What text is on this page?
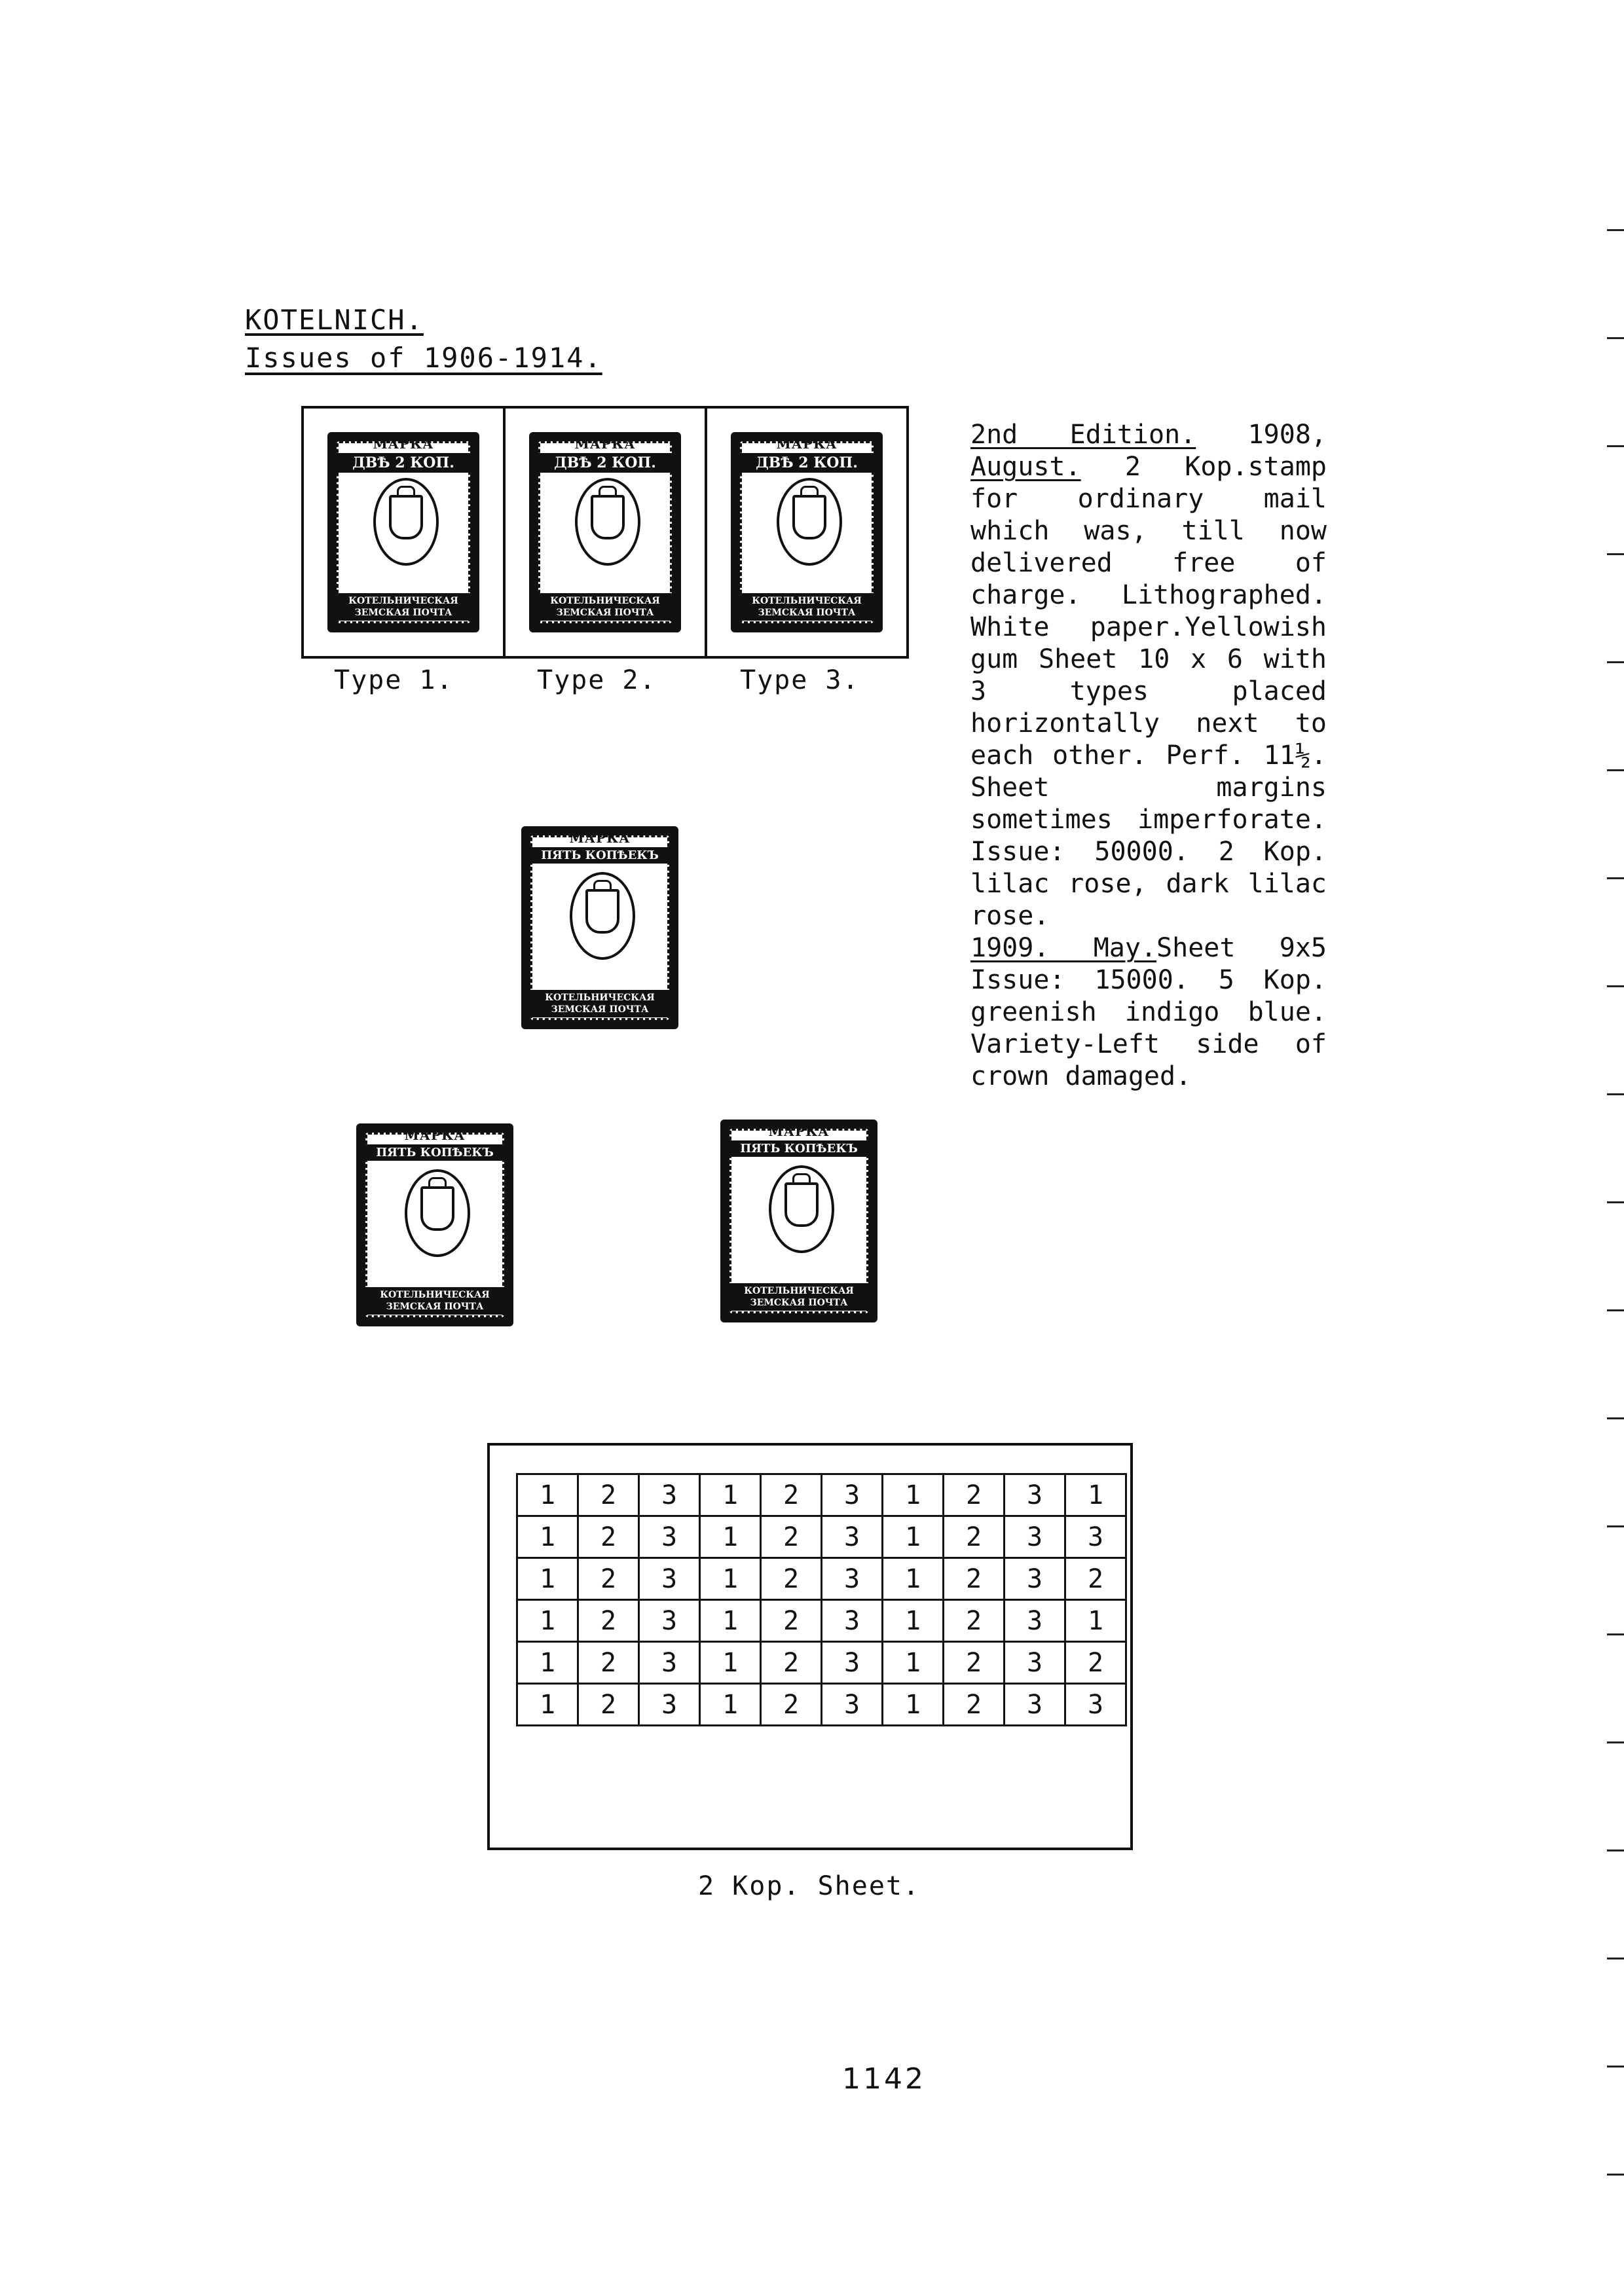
KOTELNICH.
Issues of 1906-1914.
МАРКА
ДВѢ 2 КОП.
КОТЕЛЬНИЧЕСКАЯ
ЗЕМСКАЯ ПОЧТА
МАРКА
ДВѢ 2 КОП.
КОТЕЛЬНИЧЕСКАЯ
ЗЕМСКАЯ ПОЧТА
МАРКА
ДВѢ 2 КОП.
КОТЕЛЬНИЧЕСКАЯ
ЗЕМСКАЯ ПОЧТА
Type 1.	Type 2.	Type 3.
МАРКА
ПЯТЬ КОПѢЕКЪ
КОТЕЛЬНИЧЕСКАЯ
ЗЕМСКАЯ ПОЧТА
МАРКА
ПЯТЬ КОПѢЕКЪ
КОТЕЛЬНИЧЕСКАЯ
ЗЕМСКАЯ ПОЧТА
МАРКА
ПЯТЬ КОПѢЕКЪ
КОТЕЛЬНИЧЕСКАЯ
ЗЕМСКАЯ ПОЧТА

2nd Edition. 1908, August. 2 Kop.stamp for ordinary mail which was, till now delivered free of charge. Lithographed. White paper.Yellowish gum Sheet 10 x 6 with 3 types placed horizontally next to each other. Perf. 11½. Sheet margins sometimes imperforate. Issue: 50000. 2 Kop. lilac rose, dark lilac rose.

1909. May.Sheet 9x5 Issue: 15000. 5 Kop. greenish indigo blue. Variety-Left side of crown damaged.

1	2	3	1	2	3	1	2	3	1
1	2	3	1	2	3	1	2	3	3
1	2	3	1	2	3	1	2	3	2
1	2	3	1	2	3	1	2	3	1
1	2	3	1	2	3	1	2	3	2
1	2	3	1	2	3	1	2	3	3
2 Kop. Sheet.
1142
